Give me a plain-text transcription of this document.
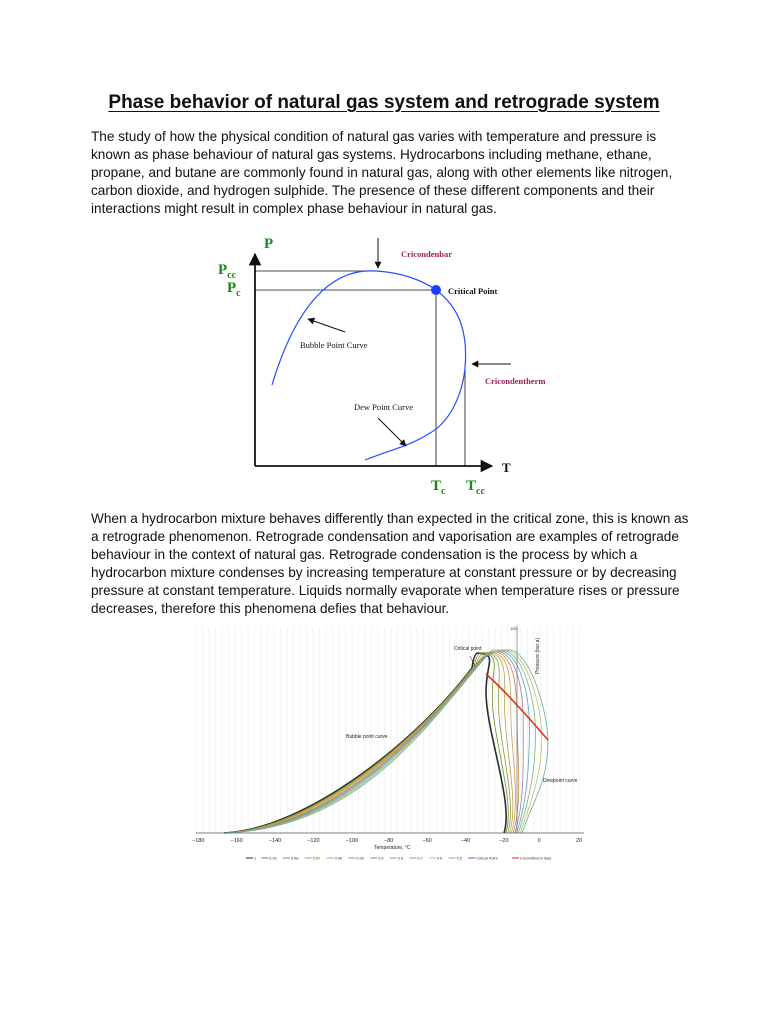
Phase behavior of natural gas system and retrograde system

The study of how the physical condition of natural gas varies with temperature and pressure is known as phase behaviour of natural gas systems. Hydrocarbons including methane, ethane, propane, and butane are commonly found in natural gas, along with other elements like nitrogen, carbon dioxide, and hydrogen sulphide. The presence of these different components and their interactions might result in complex phase behaviour in natural gas.

P
T
$P_{cc}$
$P_c$
$T_c$ $T_{cc}$
Cricondenbar
Critical Point
Cricondentherm
Bubble Point Curve
Dew Point Curve

When a hydrocarbon mixture behaves differently than expected in the critical zone, this is known as a retrograde phenomenon. Retrograde condensation and vaporisation are examples of retrograde behaviour in the context of natural gas. Retrograde condensation is the process by which a hydrocarbon mixture condenses by increasing temperature at constant pressure or by decreasing pressure at constant temperature. Liquids normally evaporate when temperature rises or pressure decreases, therefore this phenomena defies that behaviour.

100
Critical point
Bubble point curve
Dewpoint curve
Pressure (bar a)
−180	−160	−140	−120	−100	−80	−60	−40	−20	0	20
Temperature, °C
1	0.99	0.98	0.97	0.96	0.95	0.9	0.8	0.7	0.6	0.5	Critical Point	Cricondtherm data
